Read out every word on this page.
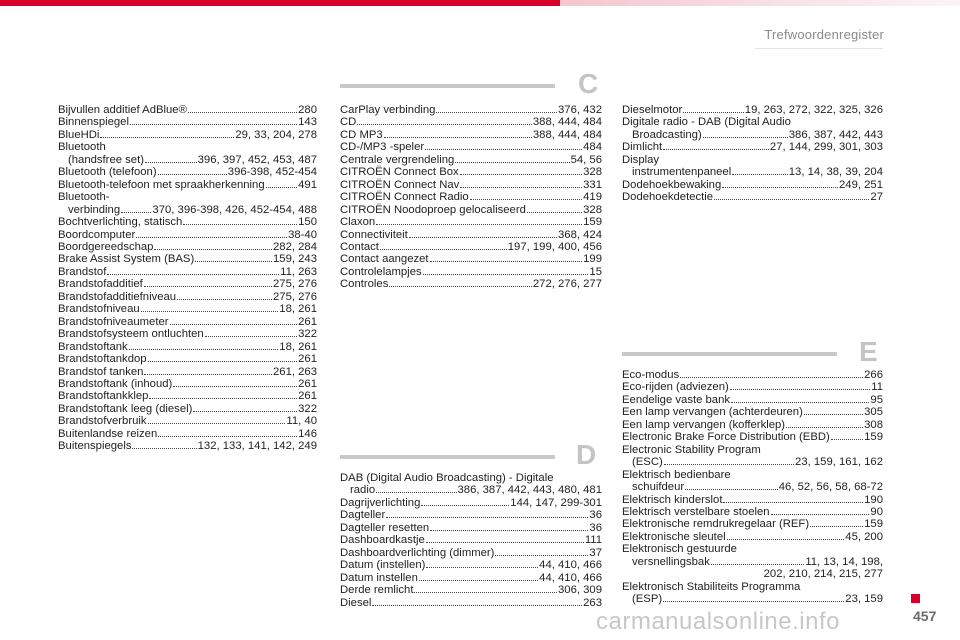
Trefwoordenregister
Bijvullen additief AdBlue®	280
Binnenspiegel	143
BlueHDi	29, 33, 204, 278
Bluetooth
(handsfree set)	396, 397, 452, 453, 487
Bluetooth (telefoon)	396-398, 452-454
Bluetooth-telefoon met spraakherkenning	491
Bluetooth-
verbinding	370, 396-398, 426, 452-454, 488
Bochtverlichting, statisch	150
Boordcomputer	38-40
Boordgereedschap	282, 284
Brake Assist System (BAS)	159, 243
Brandstof	11, 263
Brandstofadditief	275, 276
Brandstofadditiefniveau	275, 276
Brandstofniveau	18, 261
Brandstofniveaumeter	261
Brandstofsysteem ontluchten	322
Brandstoftank	18, 261
Brandstoftankdop	261
Brandstof tanken	261, 263
Brandstoftank (inhoud)	261
Brandstoftankklep	261
Brandstoftank leeg (diesel)	322
Brandstofverbruik	11, 40
Buitenlandse reizen	146
Buitenspiegels	132, 133, 141, 142, 249
C
CarPlay verbinding	376, 432
CD	388, 444, 484
CD MP3	388, 444, 484
CD-/MP3 -speler	484
Centrale vergrendeling	54, 56
CITROËN Connect Box	328
CITROËN Connect Nav	331
CITROËN Connect Radio	419
CITROËN Noodoproep gelocaliseerd	328
Claxon	159
Connectiviteit	368, 424
Contact	197, 199, 400, 456
Contact aangezet	199
Controlelampjes	15
Controles	272, 276, 277
Dieselmotor	19, 263, 272, 322, 325, 326
Digitale radio - DAB (Digital Audio
Broadcasting)	386, 387, 442, 443
Dimlicht	27, 144, 299, 301, 303
Display
instrumentenpaneel	13, 14, 38, 39, 204
Dodehoekbewaking	249, 251
Dodehoekdetectie	27
E
Eco-modus	266
Eco-rijden (adviezen)	11
Eendelige vaste bank	95
Een lamp vervangen (achterdeuren)	305
Een lamp vervangen (kofferklep)	308
Electronic Brake Force Distribution (EBD)	159
Electronic Stability Program
(ESC)	23, 159, 161, 162
Elektrisch bedienbare
schuifdeur	46, 52, 56, 58, 68-72
Elektrisch kinderslot	190
Elektrisch verstelbare stoelen	90
Elektronische remdrukregelaar (REF)	159
Elektronische sleutel	45, 200
Elektronisch gestuurde
versnellingsbak	11, 13, 14, 198,
202, 210, 214, 215, 277
Elektronisch Stabiliteits Programma
(ESP)	23, 159
D
DAB (Digital Audio Broadcasting) - Digitale
radio	386, 387, 442, 443, 480, 481
Dagrijverlichting	144, 147, 299-301
Dagteller	36
Dagteller resetten	36
Dashboardkastje	111
Dashboardverlichting (dimmer)	37
Datum (instellen)	44, 410, 466
Datum instellen	44, 410, 466
Derde remlicht	306, 309
Diesel	263
carmanualsonline.info	457
